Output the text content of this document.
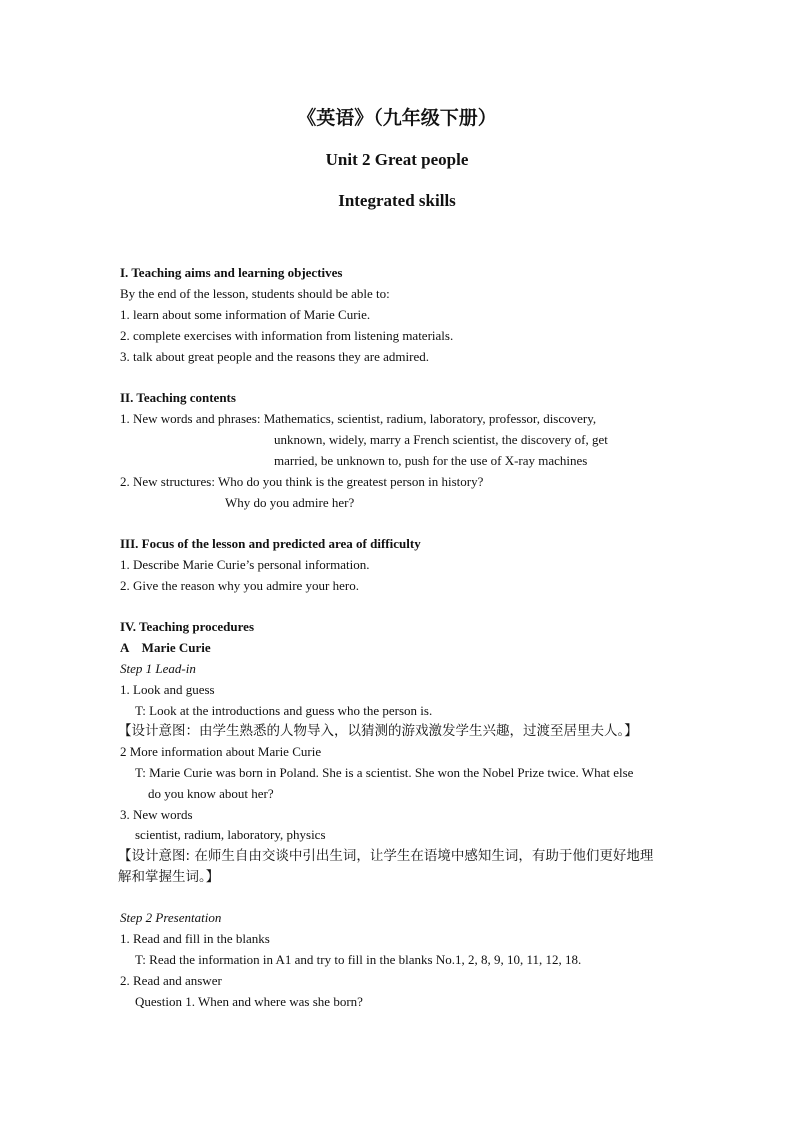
《英语》（九年级下册）
Unit 2 Great people
Integrated skills
I. Teaching aims and learning objectives
By the end of the lesson, students should be able to:
1. learn about some information of Marie Curie.
2. complete exercises with information from listening materials.
3. talk about great people and the reasons they are admired.
II. Teaching contents
1. New words and phrases: Mathematics, scientist, radium, laboratory, professor, discovery,
unknown, widely, marry a French scientist, the discovery of, get
married, be unknown to, push for the use of X-ray machines
2. New structures: Who do you think is the greatest person in history?
Why do you admire her?
III. Focus of the lesson and predicted area of difficulty
1. Describe Marie Curie’s personal information.
2. Give the reason why you admire your hero.
IV. Teaching procedures
A    Marie Curie
Step 1 Lead-in
1. Look and guess
T: Look at the introductions and guess who the person is.
【设计意图：由学生熟悉的人物导入，以猜测的游戏激发学生兴趣，过渡至居里夫人。】
2 More information about Marie Curie
T: Marie Curie was born in Poland. She is a scientist. She won the Nobel Prize twice. What else
do you know about her?
3. New words
scientist, radium, laboratory, physics
【设计意图: 在师生自由交谈中引出生词，让学生在语境中感知生词，有助于他们更好地理
解和掌握生词。】
Step 2 Presentation
1. Read and fill in the blanks
T: Read the information in A1 and try to fill in the blanks No.1, 2, 8, 9, 10, 11, 12, 18.
2. Read and answer
Question 1. When and where was she born?
